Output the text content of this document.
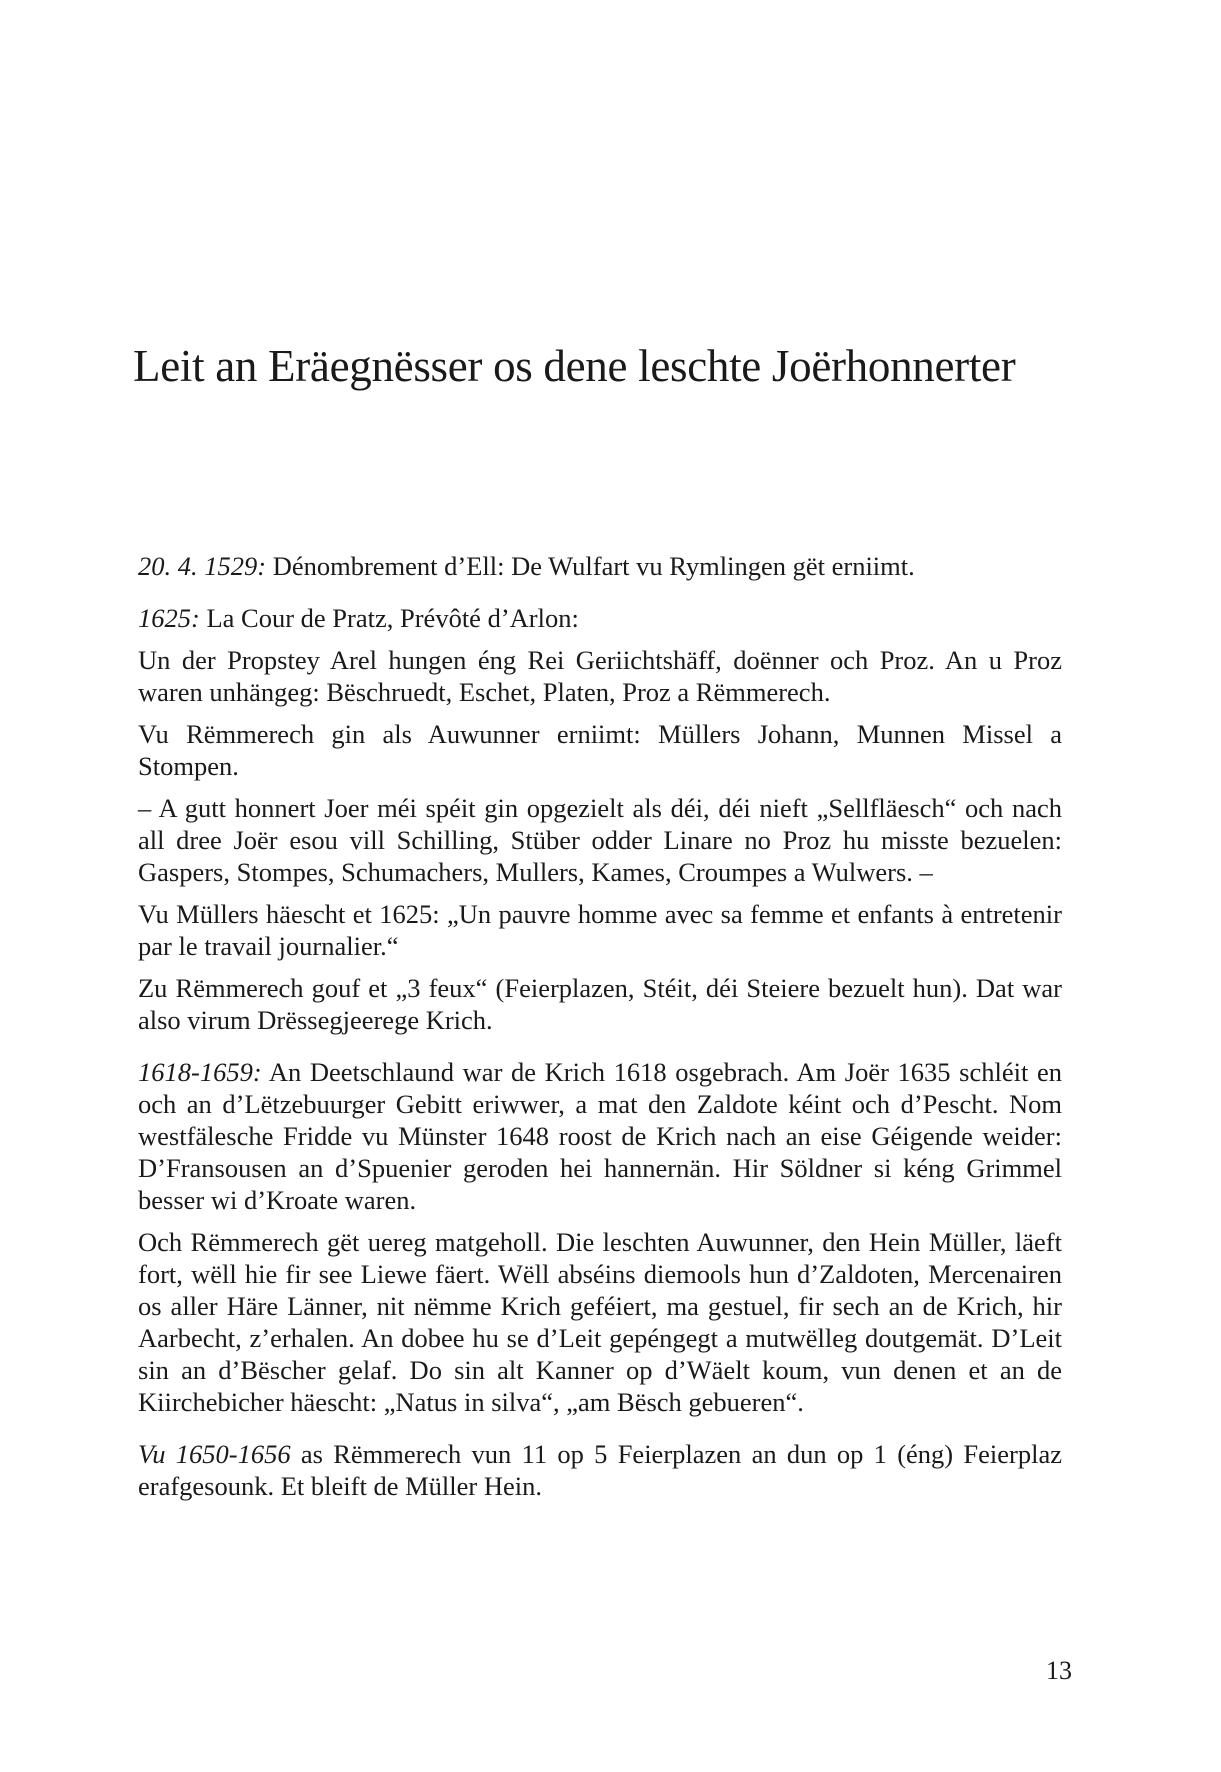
Leit an Eräegnësser os dene leschte Joërhonnerter

20. 4. 1529: Dénombrement d’Ell: De Wulfart vu Rymlingen gët erniimt.

1625: La Cour de Pratz, Prévôté d’Arlon:

Un der Propstey Arel hungen éng Rei Geriichtshäff, doënner och Proz. An u Proz waren unhängeg: Bëschruedt, Eschet, Platen, Proz a Rëmmerech.

Vu Rëmmerech gin als Auwunner erniimt: Müllers Johann, Munnen Missel a Stompen.

– A gutt honnert Joer méi spéit gin opgezielt als déi, déi nieft „Sellfläesch“ och nach all dree Joër esou vill Schilling, Stüber odder Linare no Proz hu misste bezuelen: Gaspers, Stompes, Schumachers, Mullers, Kames, Croumpes a Wulwers. –

Vu Müllers häescht et 1625: „Un pauvre homme avec sa femme et enfants à entretenir par le travail journalier.“

Zu Rëmmerech gouf et „3 feux“ (Feierplazen, Stéit, déi Steiere bezuelt hun). Dat war also virum Drëssegjeerege Krich.

1618-1659: An Deetschlaund war de Krich 1618 osgebrach. Am Joër 1635 schléit en och an d’Lëtzebuurger Gebitt eriwwer, a mat den Zaldote kéint och d’Pescht. Nom westfälesche Fridde vu Münster 1648 roost de Krich nach an eise Géigende weider: D’Fransousen an d’Spuenier geroden hei hannernän. Hir Söldner si kéng Grimmel besser wi d’Kroate waren.

Och Rëmmerech gët uereg matgeholl. Die leschten Auwunner, den Hein Müller, läeft fort, wëll hie fir see Liewe fäert. Wëll abséins diemools hun d’Zaldoten, Mercenairen os aller Häre Länner, nit nëmme Krich geféiert, ma gestuel, fir sech an de Krich, hir Aarbecht, z’erhalen. An dobee hu se d’Leit gepéngegt a mutwëlleg doutgemät. D’Leit sin an d’Bëscher gelaf. Do sin alt Kanner op d’Wäelt koum, vun denen et an de Kiirchebicher häescht: „Natus in silva“, „am Bësch gebueren“.

Vu 1650-1656 as Rëmmerech vun 11 op 5 Feierplazen an dun op 1 (éng) Feierplaz erafgesounk. Et bleift de Müller Hein.

13
